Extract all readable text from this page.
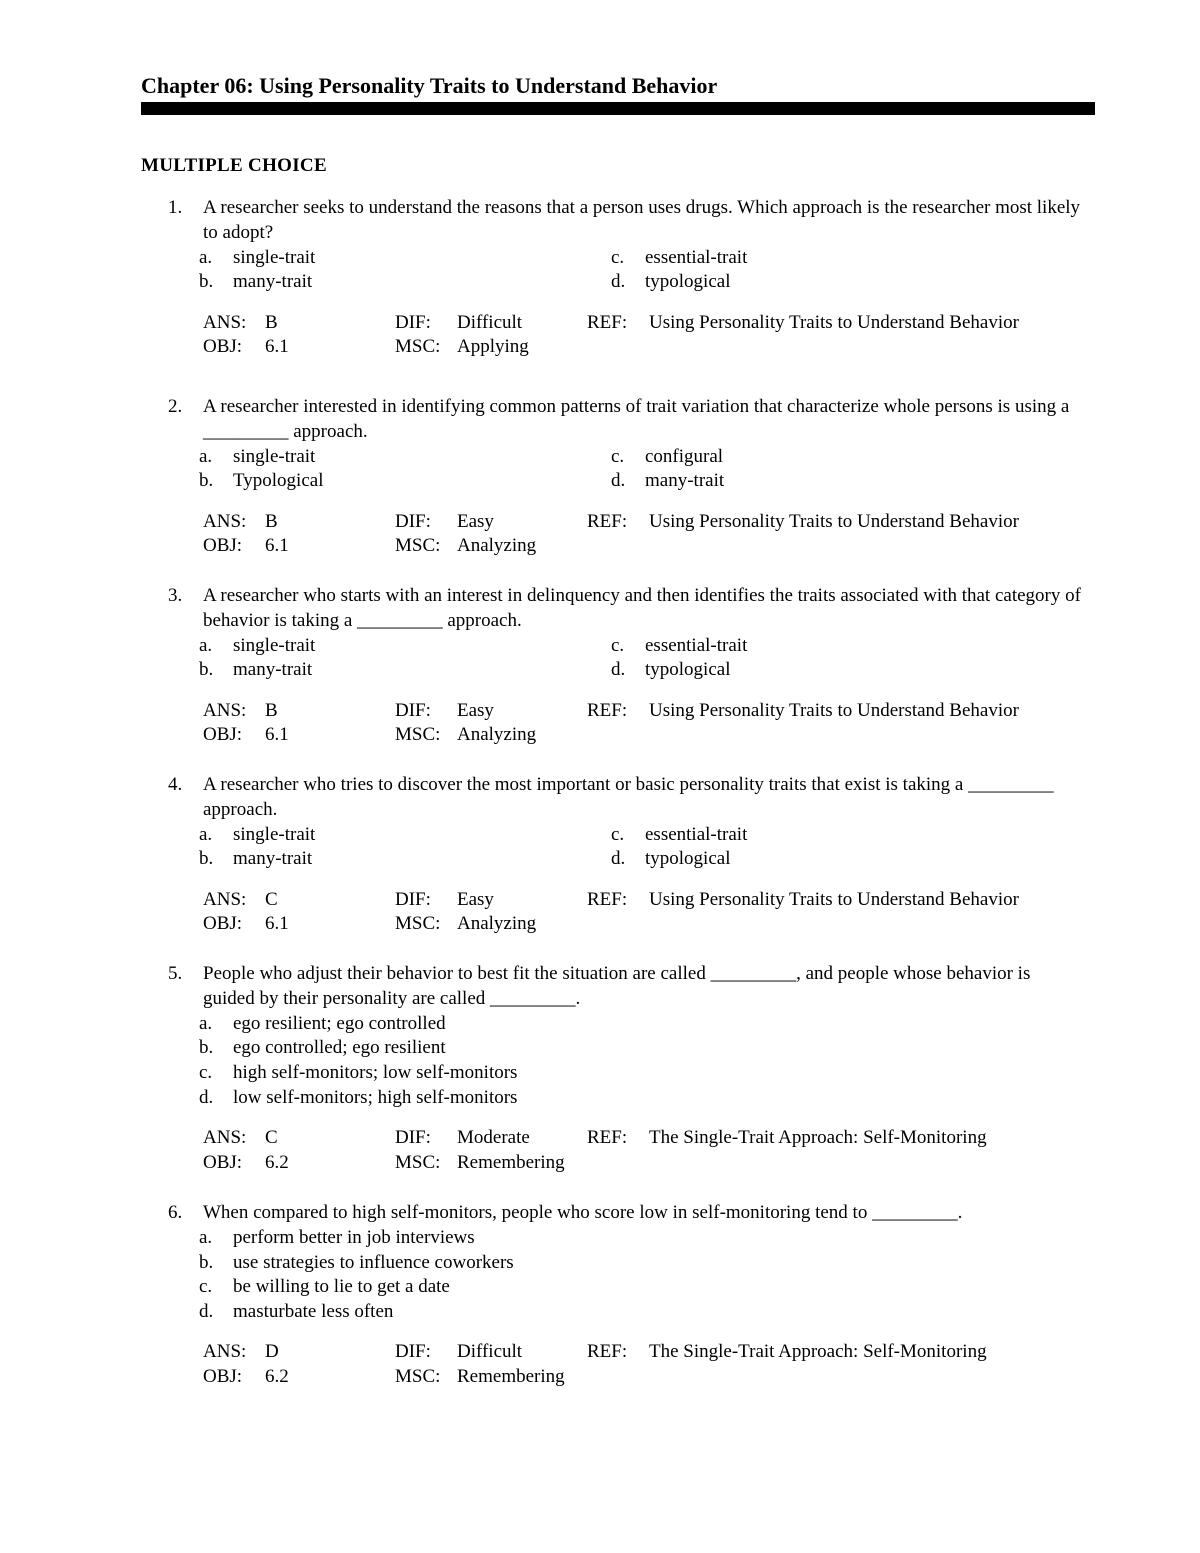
Chapter 06: Using Personality Traits to Understand Behavior
MULTIPLE CHOICE
1.	A researcher seeks to understand the reasons that a person uses drugs. Which approach is the researcher most likely to adopt?
a.	single-trait	c.	essential-trait
b.	many-trait	d.	typological
ANS: B	DIF:	Difficult	REF:	Using Personality Traits to Understand Behavior
OBJ:	6.1	MSC: Applying
2.	A researcher interested in identifying common patterns of trait variation that characterize whole persons is using a _________ approach.
a.	single-trait	c.	configural
b.	Typological	d.	many-trait
ANS: B	DIF:	Easy	REF:	Using Personality Traits to Understand Behavior
OBJ:	6.1	MSC: Analyzing
3.	A researcher who starts with an interest in delinquency and then identifies the traits associated with that category of behavior is taking a _________ approach.
a.	single-trait	c.	essential-trait
b.	many-trait	d.	typological
ANS: B	DIF:	Easy	REF:	Using Personality Traits to Understand Behavior
OBJ:	6.1	MSC: Analyzing
4.	A researcher who tries to discover the most important or basic personality traits that exist is taking a _________ approach.
a.	single-trait	c.	essential-trait
b.	many-trait	d.	typological
ANS: C	DIF:	Easy	REF:	Using Personality Traits to Understand Behavior
OBJ:	6.1	MSC: Analyzing
5.	People who adjust their behavior to best fit the situation are called _________, and people whose behavior is guided by their personality are called _________.
a.	ego resilient; ego controlled
b.	ego controlled; ego resilient
c.	high self-monitors; low self-monitors
d.	low self-monitors; high self-monitors
ANS: C	DIF:	Moderate	REF:	The Single-Trait Approach: Self-Monitoring
OBJ:	6.2	MSC: Remembering
6.	When compared to high self-monitors, people who score low in self-monitoring tend to _________.
a.	perform better in job interviews
b.	use strategies to influence coworkers
c.	be willing to lie to get a date
d.	masturbate less often
ANS: D	DIF:	Difficult	REF:	The Single-Trait Approach: Self-Monitoring
OBJ:	6.2	MSC: Remembering
